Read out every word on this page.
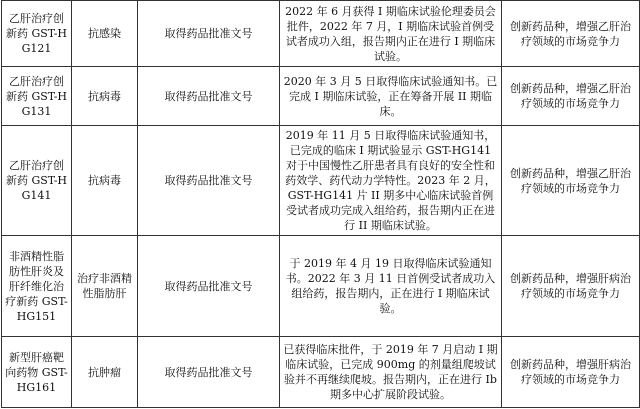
乙肝治疗创新药 GST-HG121	抗感染	取得药品批准文号	2022 年 6 月获得 I 期临床试验伦理委员会批件，2022 年 7 月，I 期临床试验首例受试者成功入组，报告期内正在进行 I 期临床试验。	创新药品种，增强乙肝治疗领域的市场竞争力

乙肝治疗创新药 GST-HG131	抗病毒	取得药品批准文号	2020 年 3 月 5 日取得临床试验通知书。已完成 I 期临床试验，正在筹备开展 II 期临床。	创新药品种，增强乙肝治疗领域的市场竞争力

乙肝治疗创新药 GST-HG141	抗病毒	取得药品批准文号	2019 年 11 月 5 日取得临床试验通知书，已完成的临床 I 期试验显示 GST-HG141 对于中国慢性乙肝患者具有良好的安全性和药效学、药代动力学特性。2023 年 2 月，GST-HG141 片 II 期多中心临床试验首例受试者成功完成入组给药，报告期内正在进行 II 期临床试验。	创新药品种，增强乙肝治疗领域的市场竞争力

非酒精性脂肪性肝炎及肝纤维化治疗新药 GST-HG151	治疗非酒精性脂肪肝	取得药品批准文号	于 2019 年 4 月 19 日取得临床试验通知书。2022 年 3 月 11 日首例受试者成功入组给药，报告期内，正在进行 I 期临床试验。	创新药品种，增强肝病治疗领域的市场竞争力

新型肝癌靶向药物 GST-HG161	抗肿瘤	取得药品批准文号	已获得临床批件，于 2019 年 7 月启动 I 期临床试验，已完成 900mg 的剂量组爬坡试验并不再继续爬坡。报告期内，正在进行 Ib 期多中心扩展阶段试验。	创新药品种，增强肝病治疗领域的市场竞争力
